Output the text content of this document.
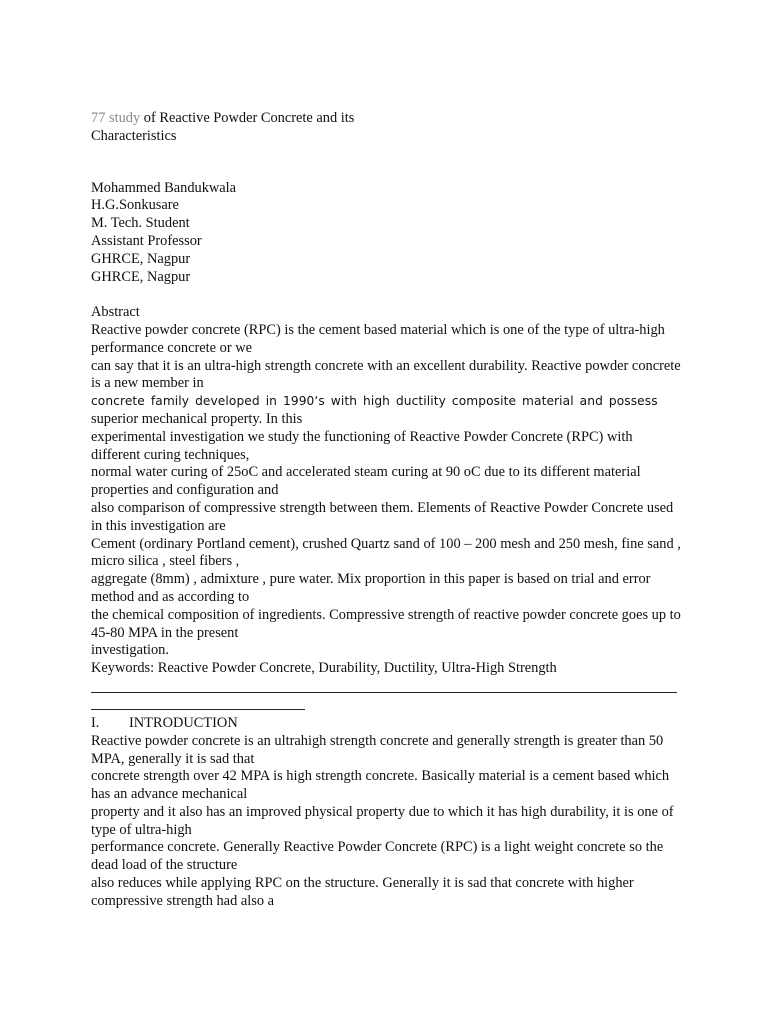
77 study of Reactive Powder Concrete and its
Characteristics
Mohammed Bandukwala
H.G.Sonkusare
M. Tech. Student
Assistant Professor
GHRCE, Nagpur
GHRCE, Nagpur
Abstract
Reactive powder concrete (RPC) is the cement based material which is one of the type of ultra-high performance concrete or we
can say that it is an ultra-high strength concrete with an excellent durability. Reactive powder concrete is a new member in
concrete family developed in 1990‘s with high ductility composite material and possess
superior mechanical property. In this
experimental investigation we study the functioning of Reactive Powder Concrete (RPC) with different curing techniques,
normal water curing of 25oC and accelerated steam curing at 90 oC due to its different material properties and configuration and
also comparison of compressive strength between them. Elements of Reactive Powder Concrete used in this investigation are
Cement (ordinary Portland cement), crushed Quartz sand of 100 – 200 mesh and 250 mesh, fine sand , micro silica , steel fibers ,
aggregate (8mm) , admixture , pure water. Mix proportion in this paper is based on trial and error method and as according to
the chemical composition of ingredients. Compressive strength of reactive powder concrete goes up to 45-80 MPA in the present
investigation.
Keywords: Reactive Powder Concrete, Durability, Ductility, Ultra-High Strength
I. INTRODUCTION
Reactive powder concrete is an ultrahigh strength concrete and generally strength is greater than 50 MPA, generally it is sad that
concrete strength over 42 MPA is high strength concrete. Basically material is a cement based which has an advance mechanical
property and it also has an improved physical property due to which it has high durability, it is one of type of ultra-high
performance concrete. Generally Reactive Powder Concrete (RPC) is a light weight concrete so the dead load of the structure
also reduces while applying RPC on the structure. Generally it is sad that concrete with higher compressive strength had also a
